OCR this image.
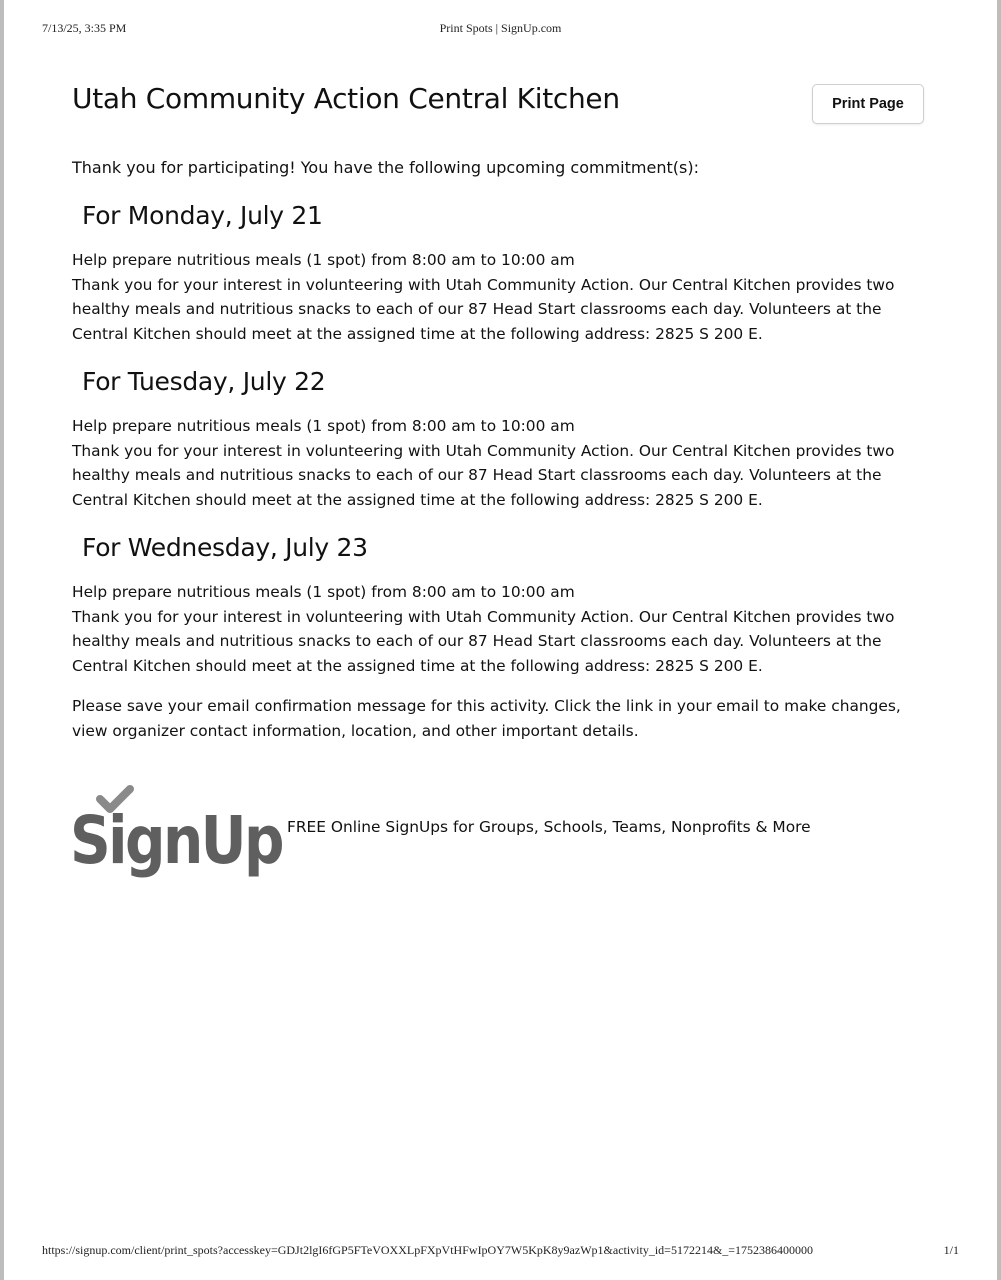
7/13/25, 3:35 PM	Print Spots | SignUp.com
Utah Community Action Central Kitchen	Print Page
Thank you for participating! You have the following upcoming commitment(s):
For Monday, July 21
Help prepare nutritious meals (1 spot) from 8:00 am to 10:00 am
Thank you for your interest in volunteering with Utah Community Action. Our Central Kitchen provides two healthy meals and nutritious snacks to each of our 87 Head Start classrooms each day. Volunteers at the Central Kitchen should meet at the assigned time at the following address: 2825 S 200 E.
For Tuesday, July 22
Help prepare nutritious meals (1 spot) from 8:00 am to 10:00 am
Thank you for your interest in volunteering with Utah Community Action. Our Central Kitchen provides two healthy meals and nutritious snacks to each of our 87 Head Start classrooms each day. Volunteers at the Central Kitchen should meet at the assigned time at the following address: 2825 S 200 E.
For Wednesday, July 23
Help prepare nutritious meals (1 spot) from 8:00 am to 10:00 am
Thank you for your interest in volunteering with Utah Community Action. Our Central Kitchen provides two healthy meals and nutritious snacks to each of our 87 Head Start classrooms each day. Volunteers at the Central Kitchen should meet at the assigned time at the following address: 2825 S 200 E.
Please save your email confirmation message for this activity. Click the link in your email to make changes, view organizer contact information, location, and other important details.
SignUp FREE Online SignUps for Groups, Schools, Teams, Nonprofits & More
https://signup.com/client/print_spots?accesskey=GDJt2lgI6fGP5FTeVOXXLpFXpVtHFwIpOY7W5KpK8y9azWp1&activity_id=5172214&_=1752386400000	1/1
